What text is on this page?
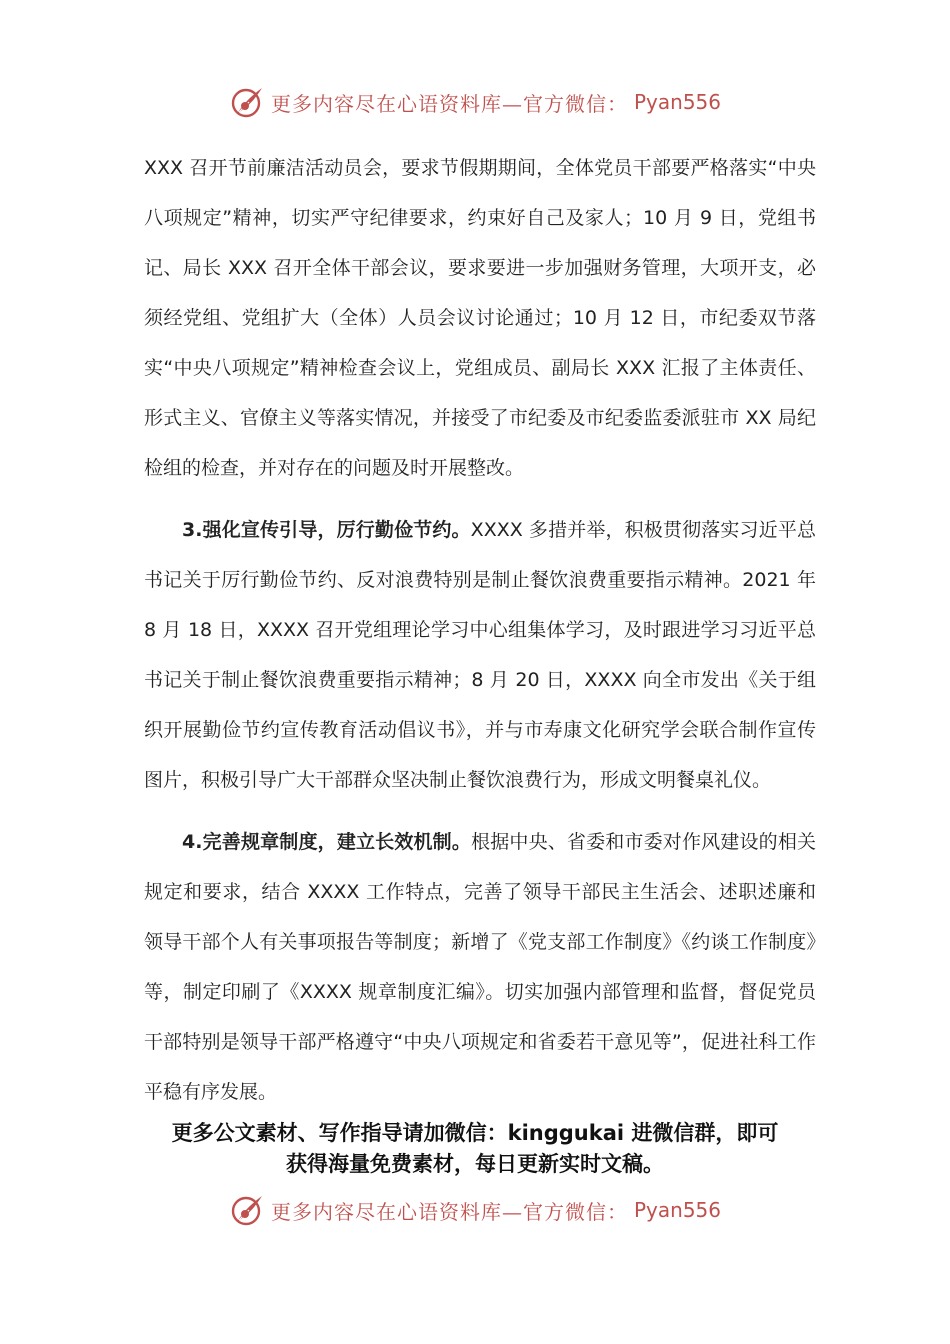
更多内容尽在心语资料库—官方微信： Pyan556

XXX 召开节前廉洁活动员会，要求节假期期间，全体党员干部要严格落实“中央八项规定”精神，切实严守纪律要求，约束好自己及家人；10 月 9 日，党组书记、局长 XXX 召开全体干部会议，要求要进一步加强财务管理，大项开支，必须经党组、党组扩大（全体）人员会议讨论通过；10 月 12 日，市纪委双节落实“中央八项规定”精神检查会议上，党组成员、副局长 XXX 汇报了主体责任、形式主义、官僚主义等落实情况，并接受了市纪委及市纪委监委派驻市 XX 局纪检组的检查，并对存在的问题及时开展整改。

3.强化宣传引导，厉行勤俭节约。XXXX 多措并举，积极贯彻落实习近平总书记关于厉行勤俭节约、反对浪费特别是制止餐饮浪费重要指示精神。2021 年 8 月 18 日，XXXX 召开党组理论学习中心组集体学习，及时跟进学习习近平总书记关于制止餐饮浪费重要指示精神；8 月 20 日，XXXX 向全市发出《关于组织开展勤俭节约宣传教育活动倡议书》，并与市寿康文化研究学会联合制作宣传图片，积极引导广大干部群众坚决制止餐饮浪费行为，形成文明餐桌礼仪。

4.完善规章制度，建立长效机制。根据中央、省委和市委对作风建设的相关规定和要求，结合 XXXX 工作特点，完善了领导干部民主生活会、述职述廉和领导干部个人有关事项报告等制度；新增了《党支部工作制度》《约谈工作制度》等，制定印刷了《XXXX 规章制度汇编》。切实加强内部管理和监督，督促党员干部特别是领导干部严格遵守“中央八项规定和省委若干意见等”，促进社科工作平稳有序发展。

更多公文素材、写作指导请加微信：kinggukai 进微信群，即可
获得海量免费素材，每日更新实时文稿。
更多内容尽在心语资料库—官方微信： Pyan556
